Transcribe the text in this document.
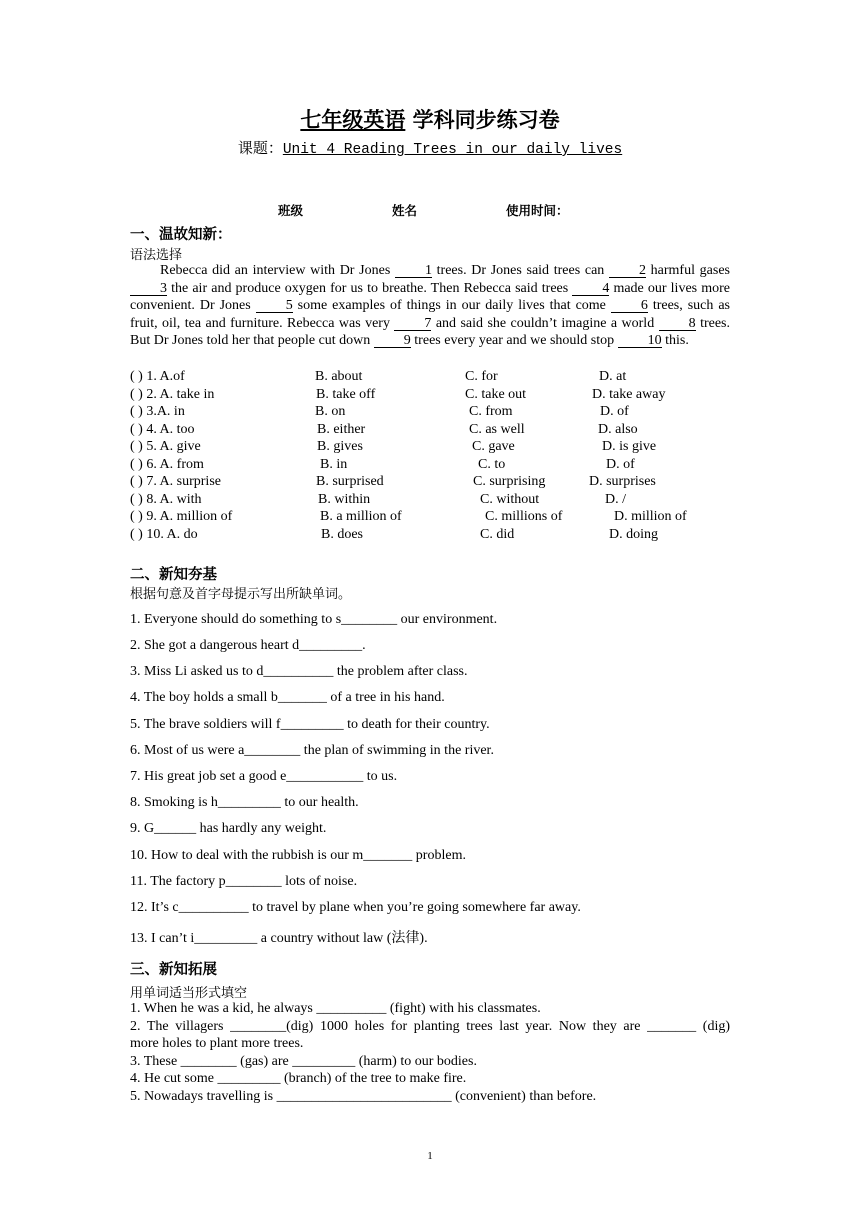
七年级英语 学科同步练习卷
课题：Unit 4 Reading Trees in our daily lives
班级	姓名	使用时间：
一、温故知新：
语法选择

Rebecca did an interview with Dr Jones 1 trees. Dr Jones said trees can 2 harmful gases 3 the air and produce oxygen for us to breathe. Then Rebecca said trees 4 made our lives more convenient. Dr Jones 5 some examples of things in our daily lives that come 6 trees, such as fruit, oil, tea and furniture. Rebecca was very 7 and said she couldn’t imagine a world 8 trees. But Dr Jones told her that people cut down 9 trees every year and we should stop 10 this.

( ) 1. A.of	B. about	C. for	D. at
( ) 2. A. take in	B. take off	C. take out	D. take away
( ) 3.A. in	B. on	C. from	D. of
( ) 4. A. too	B. either	C. as well	D. also
( ) 5. A. give	B. gives	C. gave	D. is give
( ) 6. A. from	B. in	C. to	D. of
( ) 7. A. surprise	B. surprised	C. surprising	D. surprises
( ) 8. A. with	B. within	C. without	D. /
( ) 9. A. million of	B. a million of	C. millions of	D. million of
( ) 10. A. do	B. does	C. did	D. doing
二、新知夯基
根据句意及首字母提示写出所缺单词。
1. Everyone should do something to s________ our environment.
2. She got a dangerous heart d_________.
3. Miss Li asked us to d__________ the problem after class.
4. The boy holds a small b_______ of a tree in his hand.
5. The brave soldiers will f_________ to death for their country.
6. Most of us were a________ the plan of swimming in the river.
7. His great job set a good e___________ to us.
8. Smoking is h_________ to our health.
9. G______ has hardly any weight.
10. How to deal with the rubbish is our m_______ problem.
11. The factory p________ lots of noise.
12. It’s c__________ to travel by plane when you’re going somewhere far away.
13. I can’t i_________ a country without law (法律).
三、新知拓展
用单词适当形式填空
1. When he was a kid, he always __________ (fight) with his classmates.
2. The villagers ________(dig) 1000 holes for planting trees last year. Now they are _______ (dig)
more holes to plant more trees.
3. These ________ (gas) are _________ (harm) to our bodies.
4. He cut some _________ (branch) of the tree to make fire.
5. Nowadays travelling is _________________________ (convenient) than before.
1
